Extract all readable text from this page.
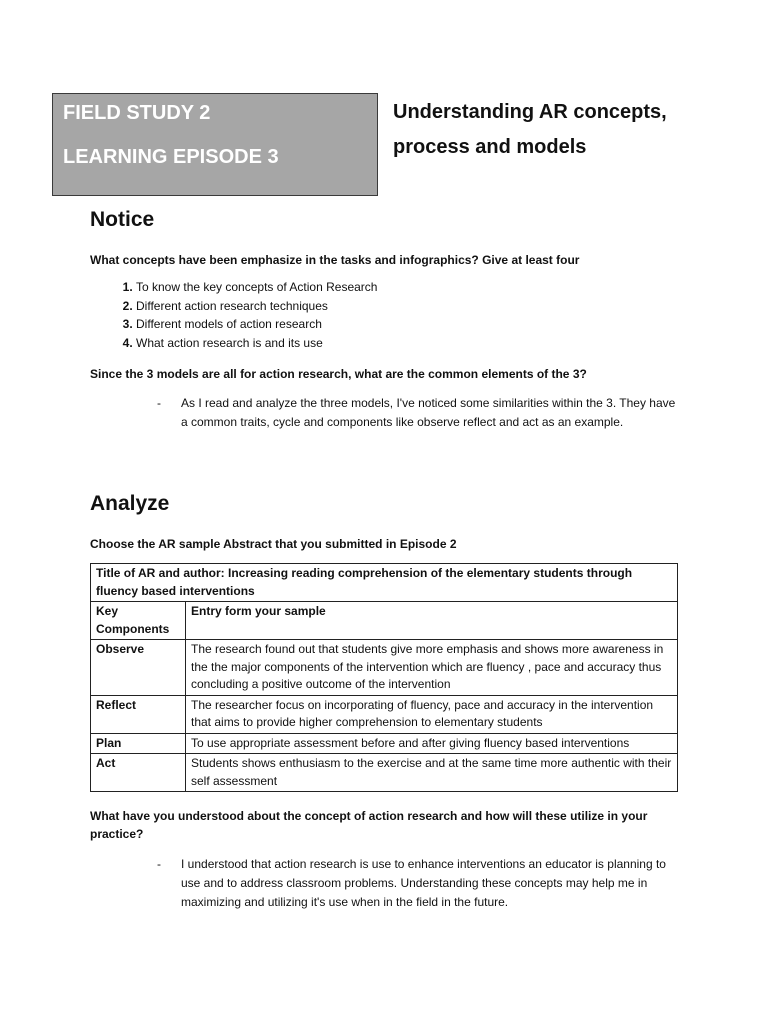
FIELD STUDY 2
LEARNING EPISODE 3
Understanding AR concepts, process and models
Notice
What concepts have been emphasize in the tasks and infographics? Give at least four
1. To know the key concepts of Action Research
2. Different action research techniques
3. Different models of action research
4. What action research is and its use
Since the 3 models are all for action research, what are the common elements of the 3?
- As I read and analyze the three models, I've noticed some similarities within the 3. They have a common traits, cycle and components like observe reflect and act as an example.
Analyze
Choose the AR sample Abstract that you submitted in Episode 2
Title of AR and author: Increasing reading comprehension of the elementary students through fluency based interventions	
Key Components	Entry form your sample
Observe	The research found out that students give more emphasis and shows more awareness in the the major components of the intervention which are fluency , pace and accuracy thus concluding a positive outcome of the intervention
Reflect	The researcher focus on incorporating of fluency, pace and accuracy in the intervention that aims to provide higher comprehension to elementary students
Plan	To use appropriate assessment before and after giving fluency based interventions
Act	Students shows enthusiasm to the exercise and at the same time more authentic with their self assessment
What have you understood about the concept of action research and how will these utilize in your practice?
- I understood that action research is use to enhance interventions an educator is planning to use and to address classroom problems. Understanding these concepts may help me in maximizing and utilizing it's use when in the field in the future.
